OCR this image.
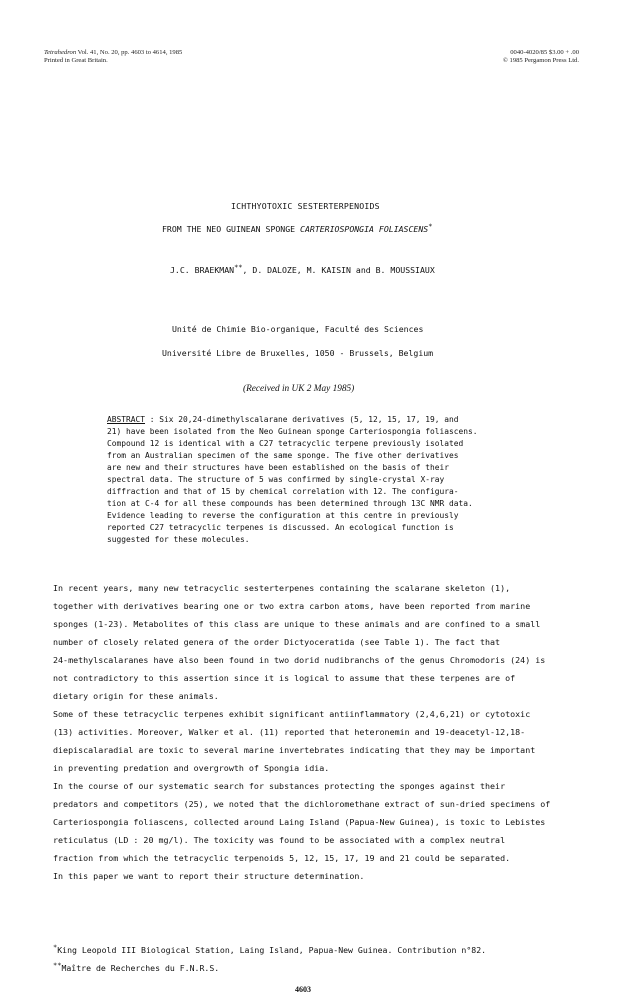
Tetrahedron Vol. 41, No. 20, pp. 4603 to 4614, 1985
Printed in Great Britain.
0040-4020/85 $3.00 + .00
© 1985 Pergamon Press Ltd.
ICHTHYOTOXIC SESTERTERPENOIDS
FROM THE NEO GUINEAN SPONGE CARTERIOSPONGIA FOLIASCENS*
J.C. BRAEKMAN**, D. DALOZE, M. KAISIN and B. MOUSSIAUX
Unité de Chimie Bio-organique, Faculté des Sciences
Université Libre de Bruxelles, 1050 - Brussels, Belgium
(Received in UK 2 May 1985)
ABSTRACT : Six 20,24-dimethylscalarane derivatives (5, 12, 15, 17, 19, and
21) have been isolated from the Neo Guinean sponge Carteriospongia foliascens.
Compound 12 is identical with a C27 tetracyclic terpene previously isolated
from an Australian specimen of the same sponge. The five other derivatives
are new and their structures have been established on the basis of their
spectral data. The structure of 5 was confirmed by single-crystal X-ray
diffraction and that of 15 by chemical correlation with 12. The configura-
tion at C-4 for all these compounds has been determined through 13C NMR data.
Evidence leading to reverse the configuration at this centre in previously
reported C27 tetracyclic terpenes is discussed. An ecological function is
suggested for these molecules.
In recent years, many new tetracyclic sesterterpenes containing the scalarane skeleton (1),
together with derivatives bearing one or two extra carbon atoms, have been reported from marine
sponges (1-23). Metabolites of this class are unique to these animals and are confined to a small
number of closely related genera of the order Dictyoceratida (see Table 1). The fact that
24-methylscalaranes have also been found in two dorid nudibranchs of the genus Chromodoris (24) is
not contradictory to this assertion since it is logical to assume that these terpenes are of
dietary origin for these animals.
Some of these tetracyclic terpenes exhibit significant antiinflammatory (2,4,6,21) or cytotoxic
(13) activities. Moreover, Walker et al. (11) reported that heteronemin and 19-deacetyl-12,18-
diepiscalaradial are toxic to several marine invertebrates indicating that they may be important
in preventing predation and overgrowth of Spongia idia.
In the course of our systematic search for substances protecting the sponges against their
predators and competitors (25), we noted that the dichloromethane extract of sun-dried specimens of
Carteriospongia foliascens, collected around Laing Island (Papua-New Guinea), is toxic to Lebistes
reticulatus (LD : 20 mg/l). The toxicity was found to be associated with a complex neutral
fraction from which the tetracyclic terpenoids 5, 12, 15, 17, 19 and 21 could be separated.
In this paper we want to report their structure determination.
*King Leopold III Biological Station, Laing Island, Papua-New Guinea. Contribution n°82.
**Maître de Recherches du F.N.R.S.
4603
